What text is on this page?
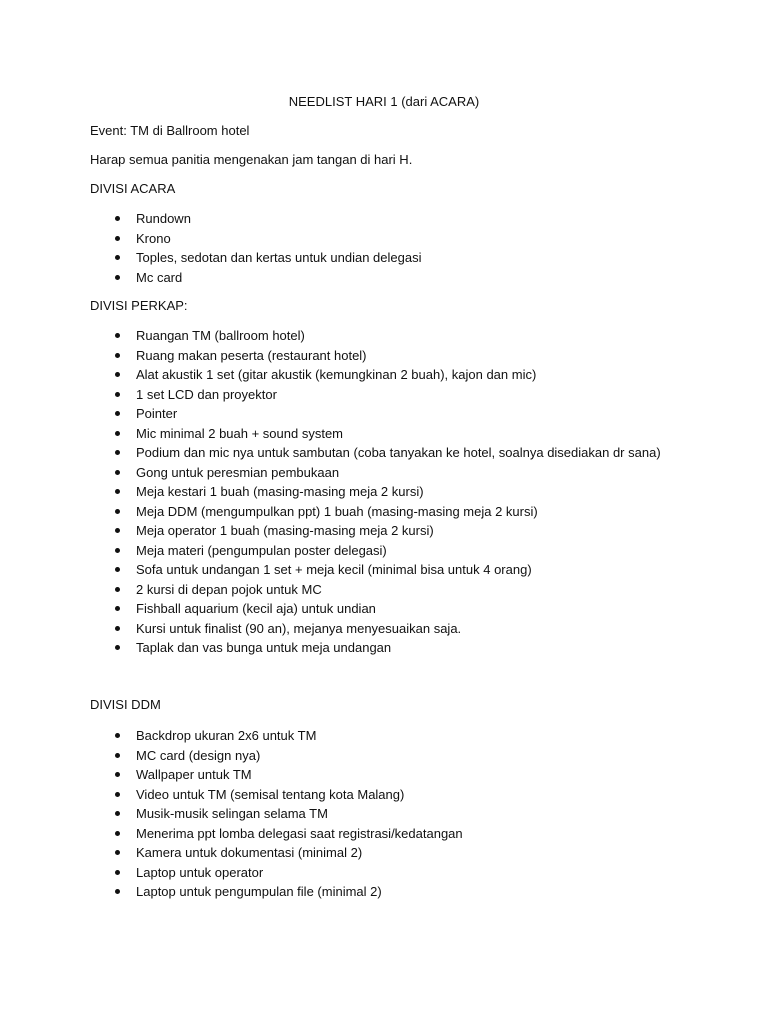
NEEDLIST HARI 1 (dari ACARA)

Event: TM di Ballroom hotel

Harap semua panitia mengenakan jam tangan di hari H.

DIVISI ACARA

Rundown
Krono
Toples, sedotan dan kertas untuk undian delegasi
Mc card

DIVISI PERKAP:

Ruangan TM (ballroom hotel)
Ruang makan peserta (restaurant hotel)
Alat akustik 1 set (gitar akustik (kemungkinan 2 buah), kajon dan mic)
1 set LCD dan proyektor
Pointer
Mic minimal 2 buah + sound system
Podium dan mic nya untuk sambutan (coba tanyakan ke hotel, soalnya disediakan dr sana)
Gong untuk peresmian pembukaan
Meja kestari 1 buah (masing-masing meja 2 kursi)
Meja DDM (mengumpulkan ppt) 1 buah (masing-masing meja 2 kursi)
Meja operator 1 buah (masing-masing meja 2 kursi)
Meja materi (pengumpulan poster delegasi)
Sofa untuk undangan 1 set + meja kecil (minimal bisa untuk 4 orang)
2 kursi di depan pojok untuk MC
Fishball aquarium (kecil aja) untuk undian
Kursi untuk finalist (90 an), mejanya menyesuaikan saja.
Taplak dan vas bunga untuk meja undangan

DIVISI DDM

Backdrop ukuran 2x6 untuk TM
MC card (design nya)
Wallpaper untuk TM
Video untuk TM (semisal tentang kota Malang)
Musik-musik selingan selama TM
Menerima ppt lomba delegasi saat registrasi/kedatangan
Kamera untuk dokumentasi (minimal 2)
Laptop untuk operator
Laptop untuk pengumpulan file (minimal 2)
